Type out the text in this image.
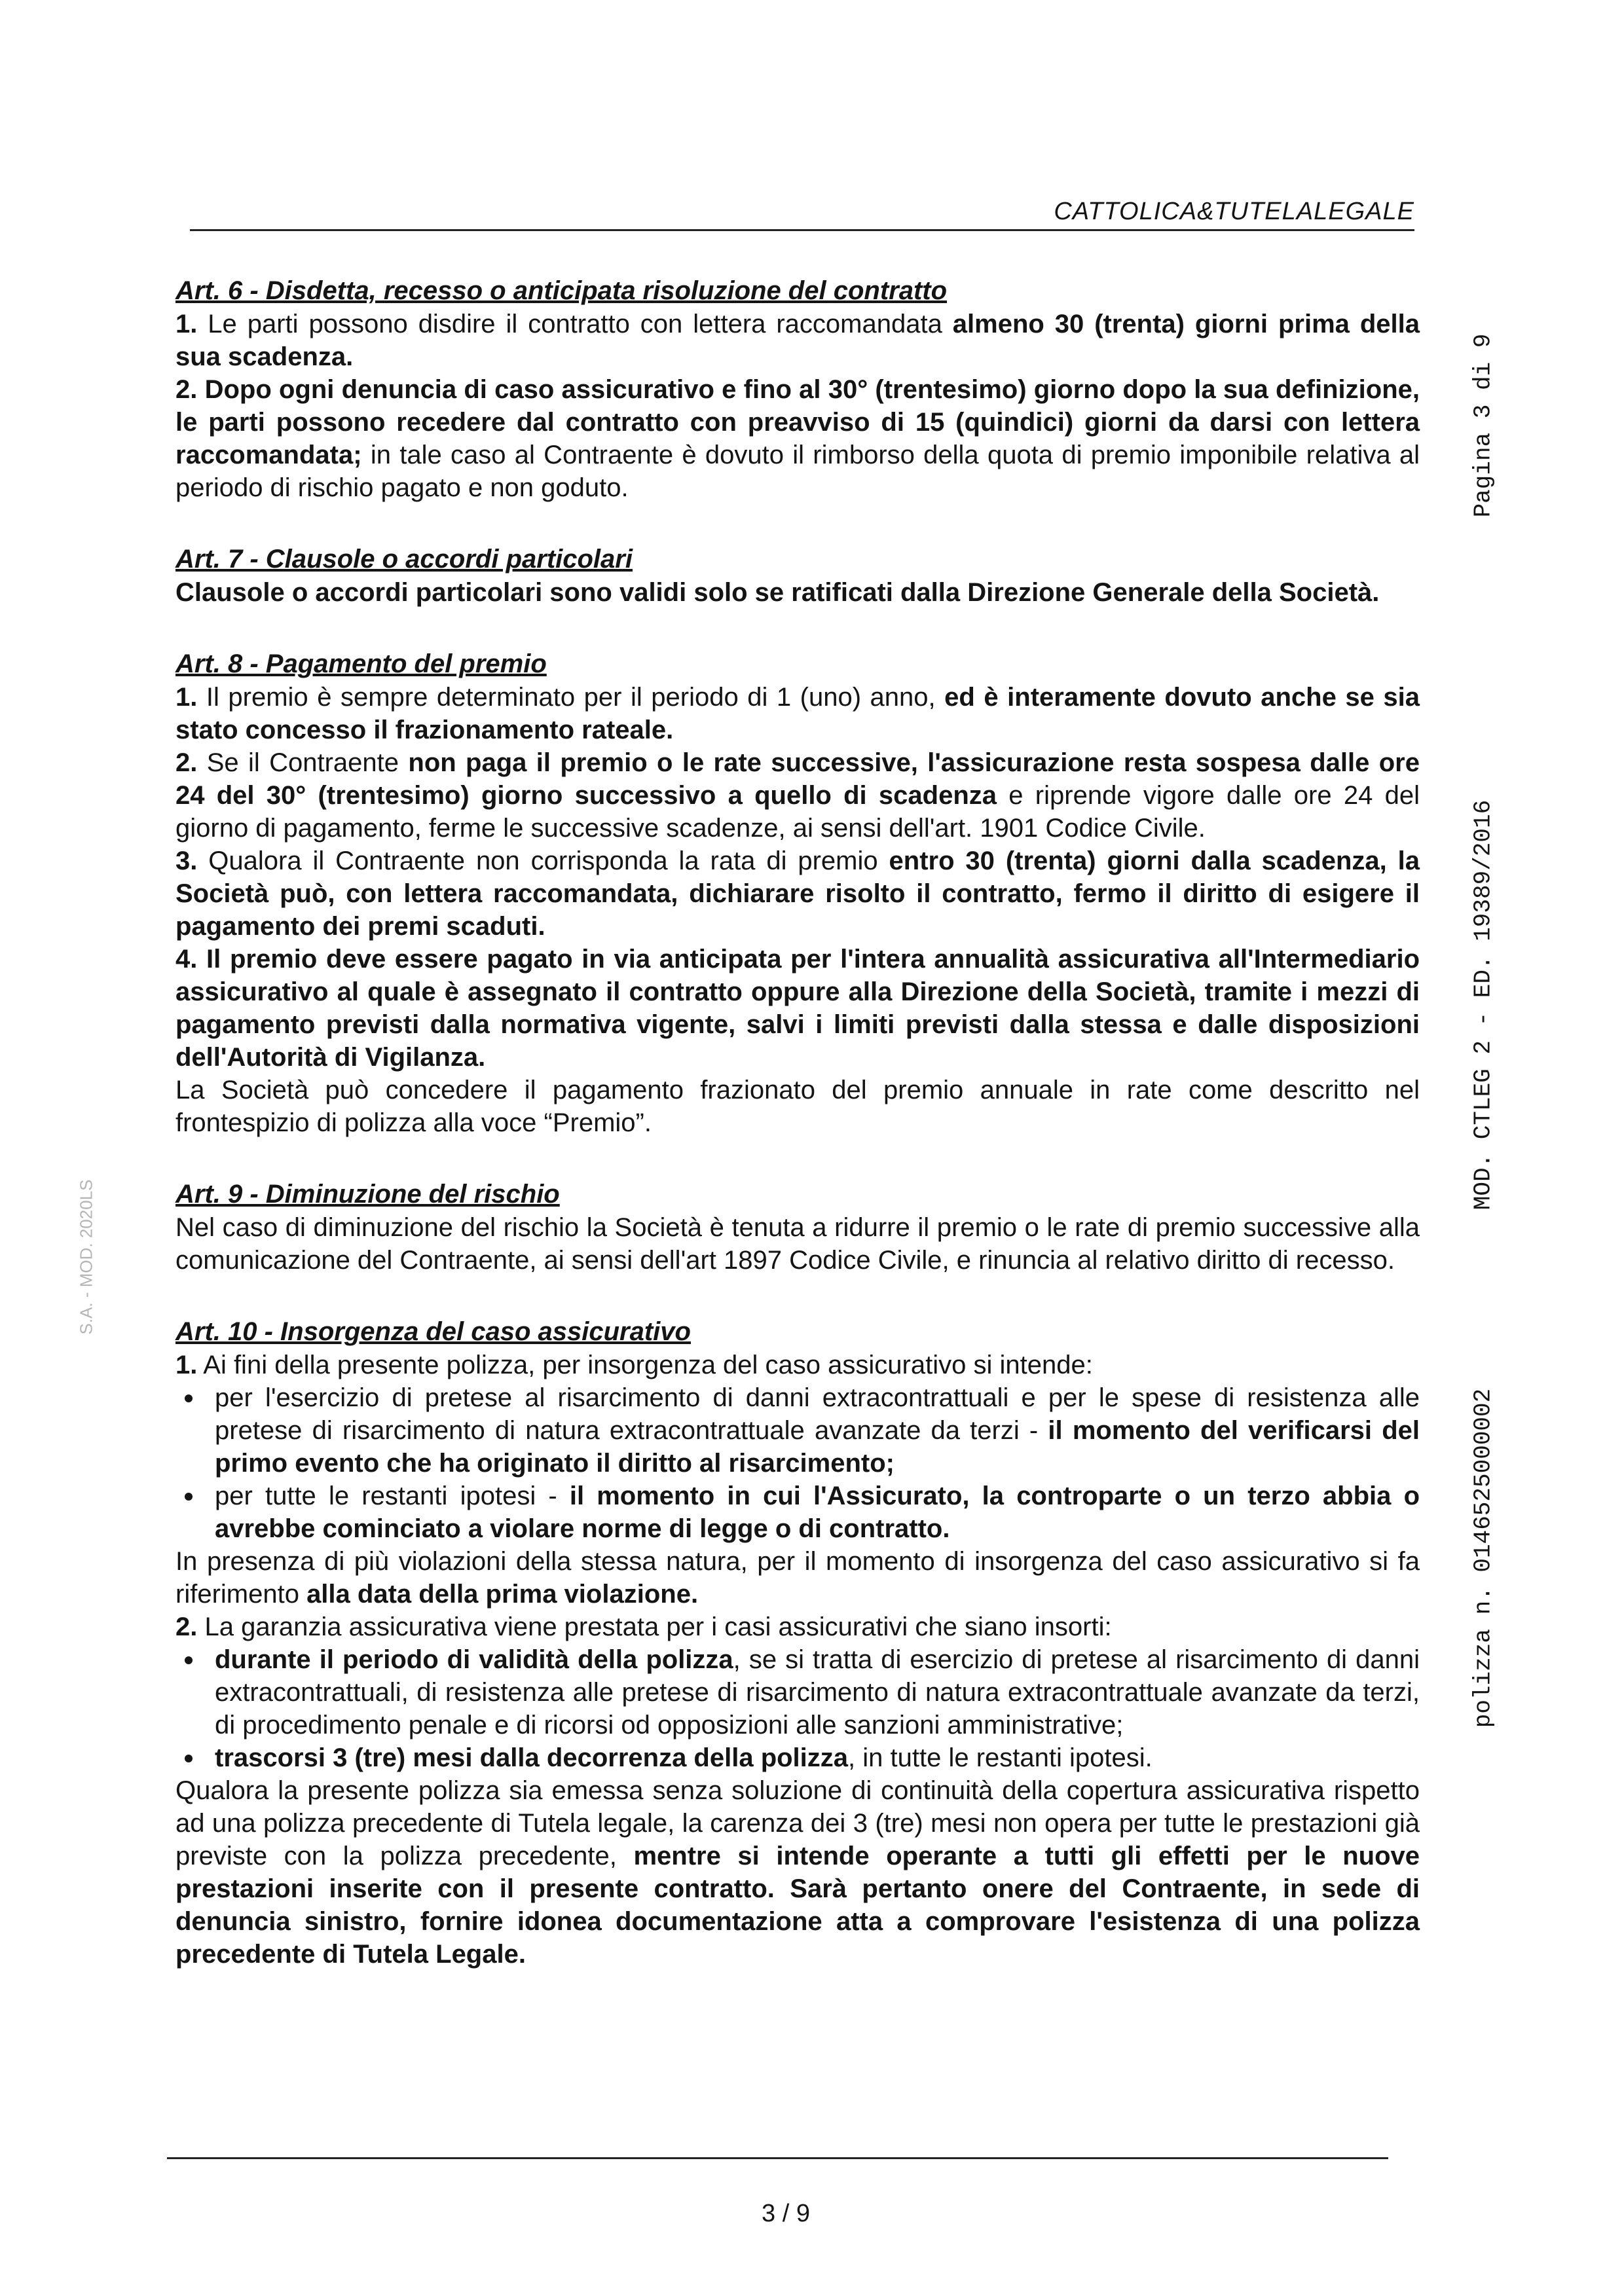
CATTOLICA&TUTELALEGALE
Art. 6 - Disdetta, recesso o anticipata risoluzione del contratto

1. Le parti possono disdire il contratto con lettera raccomandata almeno 30 (trenta) giorni prima della sua scadenza.

2. Dopo ogni denuncia di caso assicurativo e fino al 30° (trentesimo) giorno dopo la sua definizione, le parti possono recedere dal contratto con preavviso di 15 (quindici) giorni da darsi con lettera raccomandata; in tale caso al Contraente è dovuto il rimborso della quota di premio imponibile relativa al periodo di rischio pagato e non goduto.

Art. 7 - Clausole o accordi particolari

Clausole o accordi particolari sono validi solo se ratificati dalla Direzione Generale della Società.

Art. 8 - Pagamento del premio

1. Il premio è sempre determinato per il periodo di 1 (uno) anno, ed è interamente dovuto anche se sia stato concesso il frazionamento rateale.

2. Se il Contraente non paga il premio o le rate successive, l'assicurazione resta sospesa dalle ore 24 del 30° (trentesimo) giorno successivo a quello di scadenza e riprende vigore dalle ore 24 del giorno di pagamento, ferme le successive scadenze, ai sensi dell'art. 1901 Codice Civile.

3. Qualora il Contraente non corrisponda la rata di premio entro 30 (trenta) giorni dalla scadenza, la Società può, con lettera raccomandata, dichiarare risolto il contratto, fermo il diritto di esigere il pagamento dei premi scaduti.

4. Il premio deve essere pagato in via anticipata per l'intera annualità assicurativa all'Intermediario assicurativo al quale è assegnato il contratto oppure alla Direzione della Società, tramite i mezzi di pagamento previsti dalla normativa vigente, salvi i limiti previsti dalla stessa e dalle disposizioni dell'Autorità di Vigilanza.

La Società può concedere il pagamento frazionato del premio annuale in rate come descritto nel frontespizio di polizza alla voce “Premio”.

Art. 9 - Diminuzione del rischio

Nel caso di diminuzione del rischio la Società è tenuta a ridurre il premio o le rate di premio successive alla comunicazione del Contraente, ai sensi dell'art 1897 Codice Civile, e rinuncia al relativo diritto di recesso.

Art. 10 - Insorgenza del caso assicurativo

1. Ai fini della presente polizza, per insorgenza del caso assicurativo si intende:

per l'esercizio di pretese al risarcimento di danni extracontrattuali e per le spese di resistenza alle pretese di risarcimento di natura extracontrattuale avanzate da terzi - il momento del verificarsi del primo evento che ha originato il diritto al risarcimento;
per tutte le restanti ipotesi - il momento in cui l'Assicurato, la controparte o un terzo abbia o avrebbe cominciato a violare norme di legge o di contratto.

In presenza di più violazioni della stessa natura, per il momento di insorgenza del caso assicurativo si fa riferimento alla data della prima violazione.

2. La garanzia assicurativa viene prestata per i casi assicurativi che siano insorti:

durante il periodo di validità della polizza, se si tratta di esercizio di pretese al risarcimento di danni extracontrattuali, di resistenza alle pretese di risarcimento di natura extracontrattuale avanzate da terzi, di procedimento penale e di ricorsi od opposizioni alle sanzioni amministrative;
trascorsi 3 (tre) mesi dalla decorrenza della polizza, in tutte le restanti ipotesi.

Qualora la presente polizza sia emessa senza soluzione di continuità della copertura assicurativa rispetto ad una polizza precedente di Tutela legale, la carenza dei 3 (tre) mesi non opera per tutte le prestazioni già previste con la polizza precedente, mentre si intende operante a tutti gli effetti per le nuove prestazioni inserite con il presente contratto. Sarà pertanto onere del Contraente, in sede di denuncia sinistro, fornire idonea documentazione atta a comprovare l'esistenza di una polizza precedente di Tutela Legale.

Pagina 3 di 9
MOD. CTLEG 2 - ED. 19389/2016
polizza n. 0146525000002
S.A. - MOD. 2020LS
3 / 9
